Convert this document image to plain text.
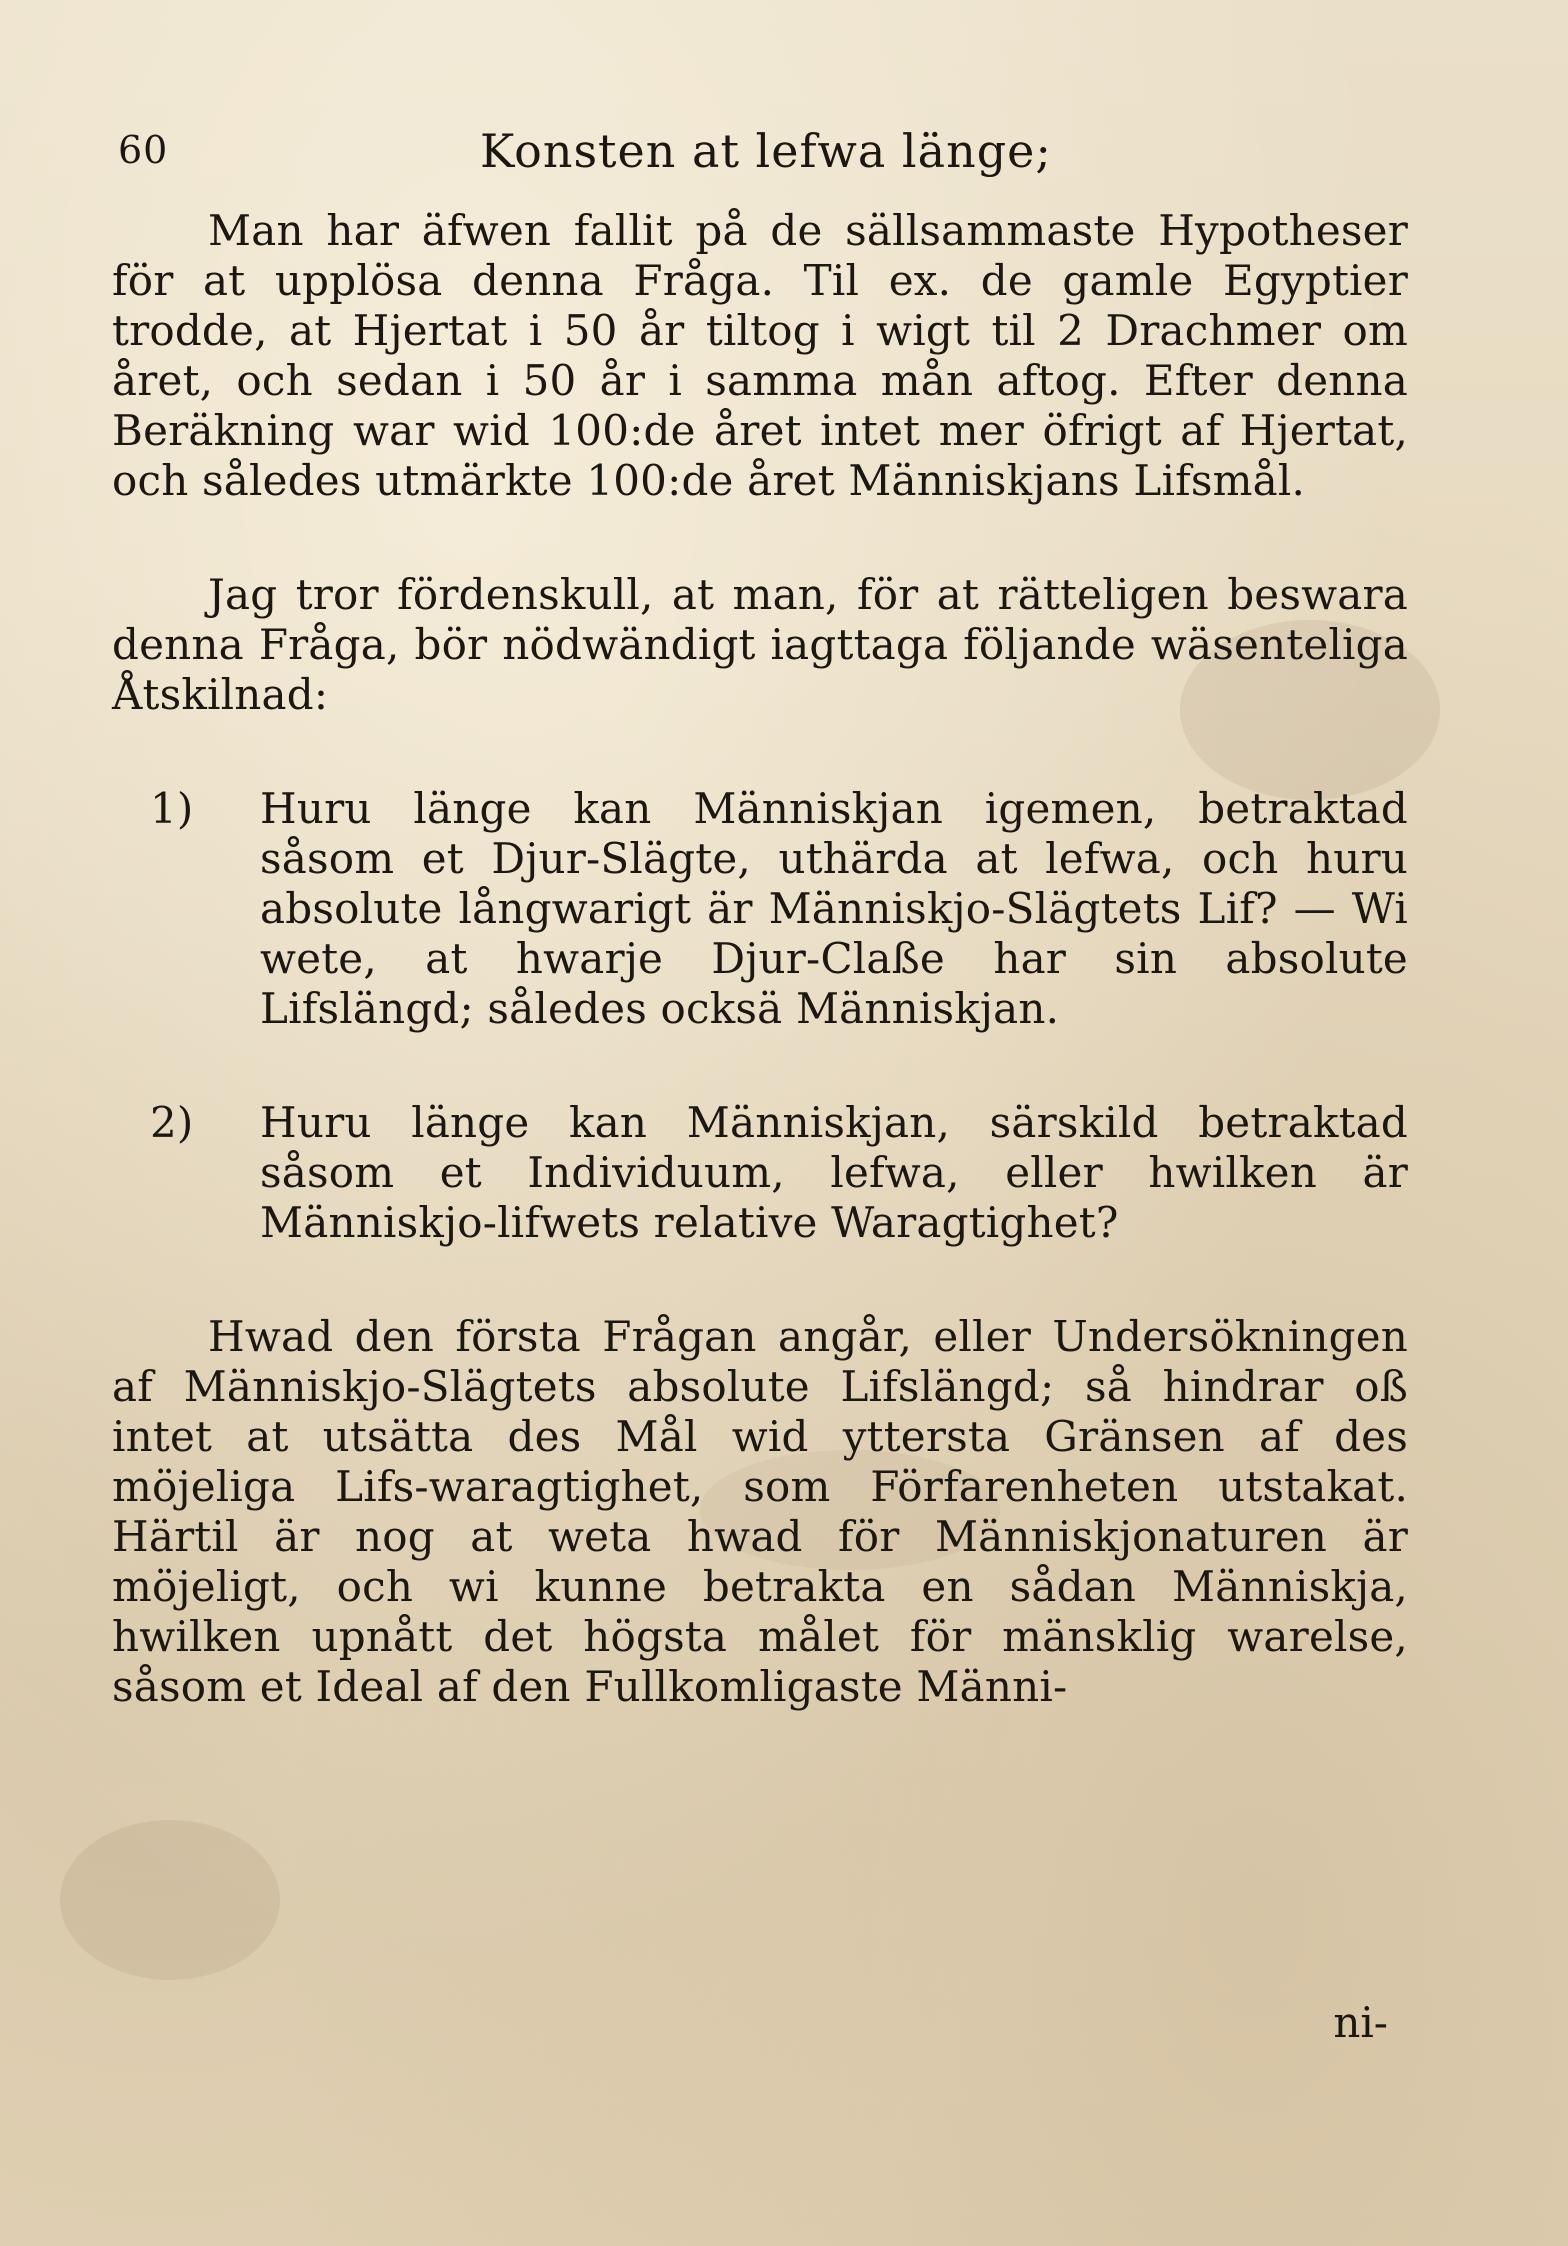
60	Konsten at lefwa länge;

Man har äfwen fallit på de sällsammaste Hypotheser för at upplösa denna Fråga. Til ex. de gamle Egyptier trodde, at Hjertat i 50 år tiltog i wigt til 2 Drachmer om året, och sedan i 50 år i samma mån aftog. Efter denna Beräkning war wid 100:de året intet mer öfrigt af Hjertat, och således utmärkte 100:de året Människjans Lifsmål.

Jag tror fördenskull, at man, för at rätteligen beswara denna Fråga, bör nödwändigt iagttaga följande wäsenteliga Åtskilnad:

1) Huru länge kan Människjan igemen, betraktad såsom et Djur-Slägte, uthärda at lefwa, och huru absolute långwarigt är Människjo-Slägtets Lif? — Wi wete, at hwarje Djur-Claße har sin absolute Lifslängd; således ocksä Människjan.
2) Huru länge kan Människjan, särskild betraktad såsom et Individuum, lefwa, eller hwilken är Människjo-lifwets relative Waragtighet?

Hwad den första Frågan angår, eller Undersökningen af Människjo-Slägtets absolute Lifslängd; så hindrar oß intet at utsätta des Mål wid yttersta Gränsen af des möjeliga Lifs-waragtighet, som Förfarenheten utstakat. Härtil är nog at weta hwad för Människjonaturen är möjeligt, och wi kunne betrakta en sådan Människja, hwilken upnått det högsta målet för mänsklig warelse, såsom et Ideal af den Fullkomligaste Männi-

ni-
